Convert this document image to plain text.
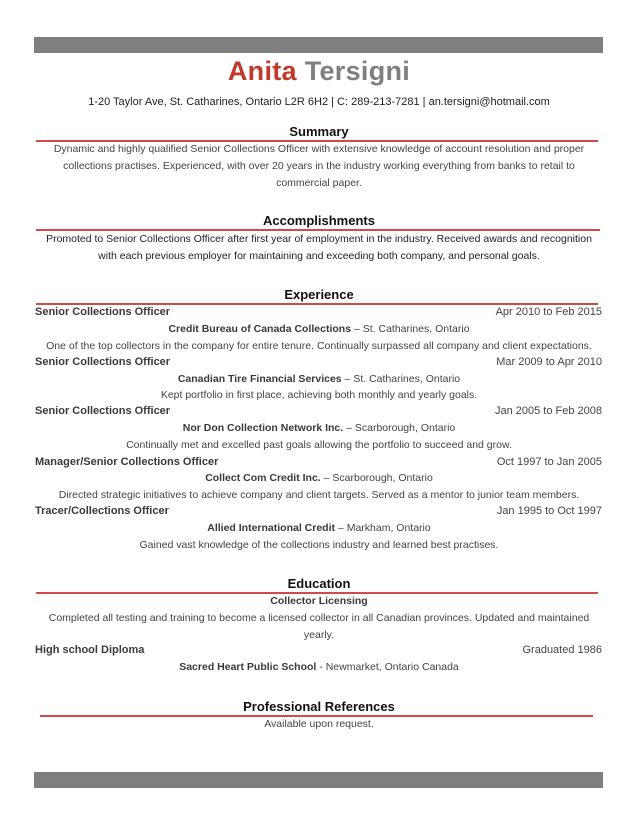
Anita Tersigni
1-20 Taylor Ave, St. Catharines, Ontario L2R 6H2 | C: 289-213-7281 | an.tersigni@hotmail.com
Summary
Dynamic and highly qualified Senior Collections Officer with extensive knowledge of account resolution and proper
collections practises. Experienced, with over 20 years in the industry working everything from banks to retail to
commercial paper.
Accomplishments
Promoted to Senior Collections Officer after first year of employment in the industry. Received awards and recognition
with each previous employer for maintaining and exceeding both company, and personal goals.
Experience
Senior Collections Officer	Apr 2010 to Feb 2015
Credit Bureau of Canada Collections – St. Catharines, Ontario
One of the top collectors in the company for entire tenure. Continually surpassed all company and client expectations.
Senior Collections Officer	Mar 2009 to Apr 2010
Canadian Tire Financial Services – St. Catharines, Ontario
Kept portfolio in first place, achieving both monthly and yearly goals.
Senior Collections Officer	Jan 2005 to Feb 2008
Nor Don Collection Network Inc. – Scarborough, Ontario
Continually met and excelled past goals allowing the portfolio to succeed and grow.
Manager/Senior Collections Officer	Oct 1997 to Jan 2005
Collect Com Credit Inc. – Scarborough, Ontario
Directed strategic initiatives to achieve company and client targets. Served as a mentor to junior team members.
Tracer/Collections Officer	Jan 1995 to Oct 1997
Allied International Credit – Markham, Ontario
Gained vast knowledge of the collections industry and learned best practises.
Education
Collector Licensing
Completed all testing and training to become a licensed collector in all Canadian provinces. Updated and maintained
yearly.
High school Diploma	Graduated 1986
Sacred Heart Public School - Newmarket, Ontario Canada
Professional References
Available upon request.
